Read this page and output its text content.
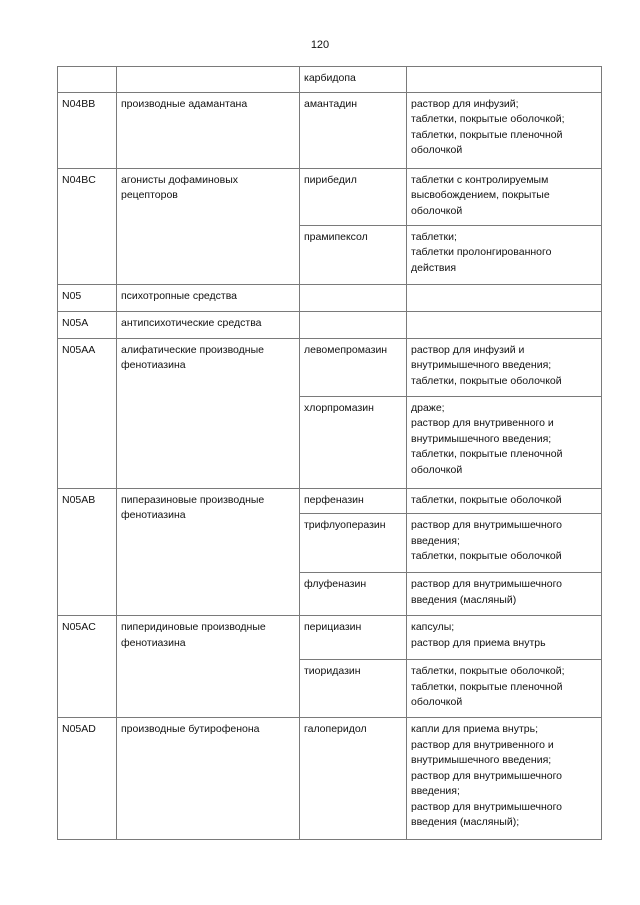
120
		карбидопа	
N04BB	производные адамантана	амантадин	раствор для инфузий;
таблетки, покрытые оболочкой;
таблетки, покрытые пленочной оболочкой

N04BC	агонисты дофаминовых рецепторов	пирибедил	таблетки с контролируемым высвобождением, покрытые оболочкой

		прамипексол	таблетки;
таблетки пролонгированного действия

N05	психотропные средства		
N05A	антипсихотические средства		
N05AA	алифатические производные фенотиазина	левомепромазин	раствор для инфузий и внутримышечного введения;
таблетки, покрытые оболочкой

		хлорпромазин	драже;
раствор для внутривенного и внутримышечного введения;
таблетки, покрытые пленочной оболочкой

N05AB	пиперазиновые производные фенотиазина	перфеназин	таблетки, покрытые оболочкой

		трифлуоперазин	раствор для внутримышечного введения;
таблетки, покрытые оболочкой

		флуфеназин	раствор для внутримышечного введения (масляный)

N05AC	пиперидиновые производные фенотиазина	перициазин	капсулы;
раствор для приема внутрь

		тиоридазин	таблетки, покрытые оболочкой;
таблетки, покрытые пленочной оболочкой

N05AD	производные бутирофенона	галоперидол	капли для приема внутрь;
раствор для внутривенного и внутримышечного введения;
раствор для внутримышечного введения;
раствор для внутримышечного введения (масляный);
